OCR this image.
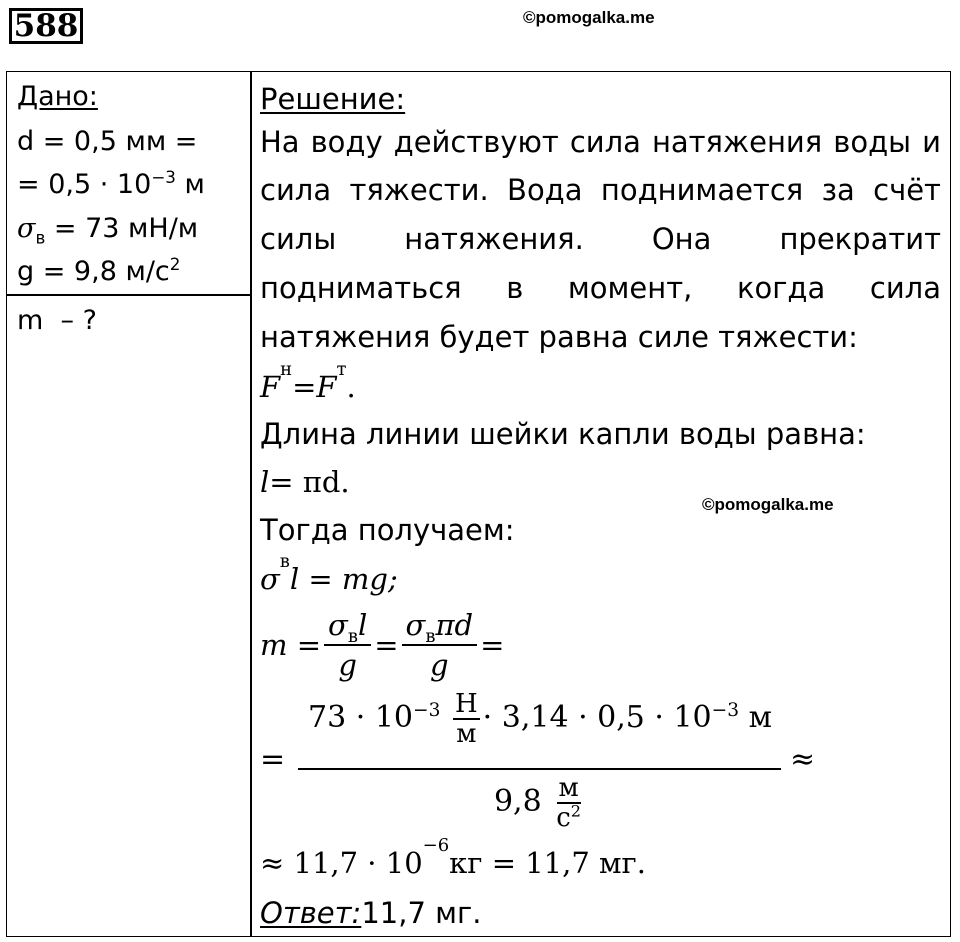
588	©pomogalka.me
©pomogalka.me
Дано:
d = 0,5 мм =
= $0,5 \cdot 10^{-3}$ м
$\sigma_в = 73$ мН/м
g = 9,8 $м/с^2$
m – ?
Решение:
На воду действуют сила натяжения воды и
сила тяжести. Вода поднимается за счёт
силы натяжения. Она прекратит
подниматься в момент, когда сила
натяжения будет равна силе тяжести:
F
н
= F
т
.
Длина линии шейки капли воды равна:
l = πd.
Тогда получаем:
σ
в
l = mg;
m
= $\frac{\sigma_вl}{g} = \frac{\sigma_в\pi d}{g}$ =
=
$73 \cdot 10^{-3}$ Н
$м \cdot 3,14 \cdot 0,5 \cdot 10^{-3}$ м
9,8 м
$с^2$
≈
≈ 11,7 · 10
−6
кг = 11,7 мг.
Ответ: 11,7 мг.
